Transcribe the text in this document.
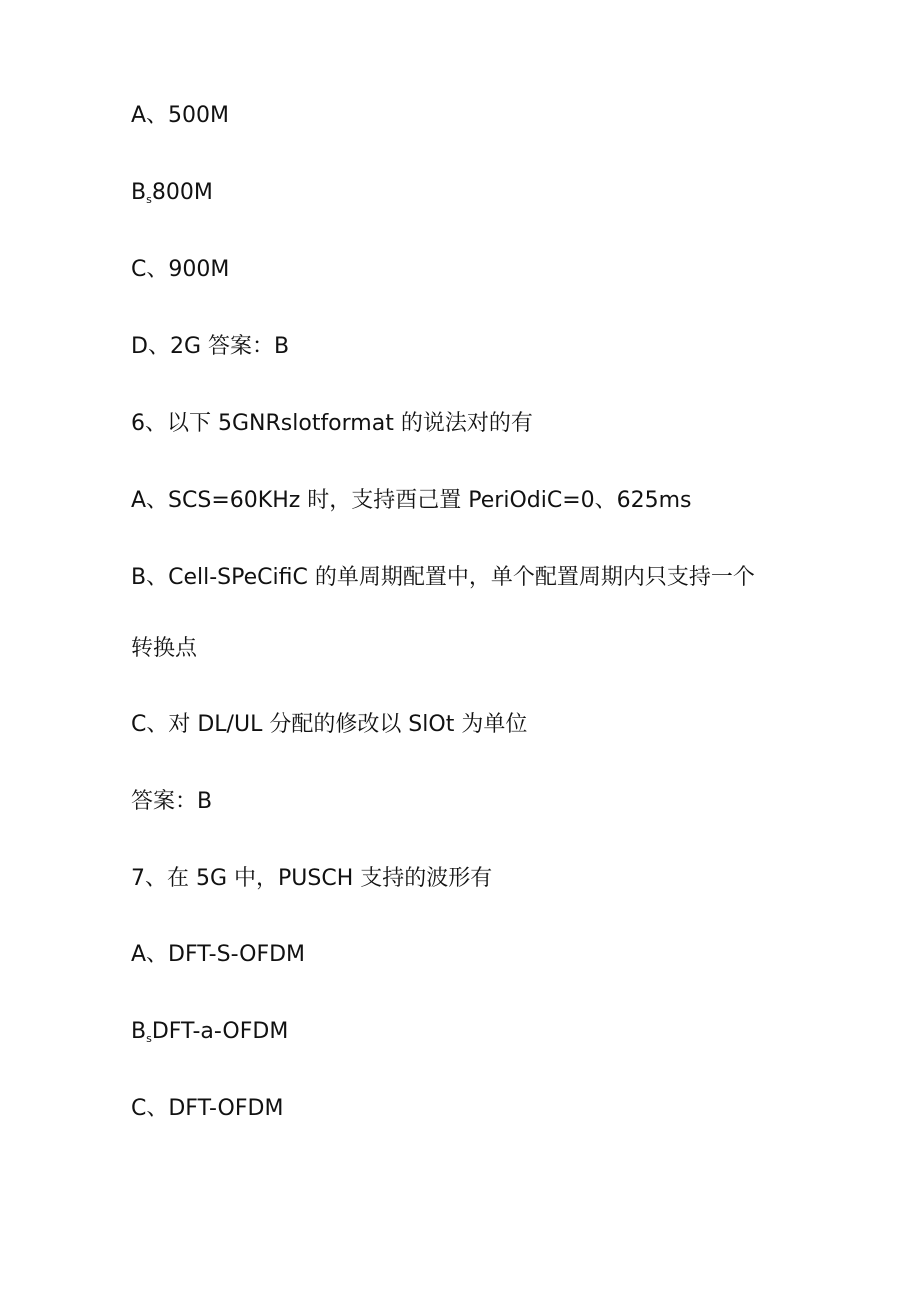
A、500M

$B_s800M$

C、900M

D、2G 答案：B

6、以下 5GNRslotformat 的说法对的有

A、SCS=60KHz 时，支持酉己置 PeriOdiC=0、625ms

B、Cell-SPeCifiC 的单周期配置中，单个配置周期内只支持一个

转换点

C、对 DL/UL 分配的修改以 SlOt 为单位

答案：B

7、在 5G 中，PUSCH 支持的波形有

A、DFT-S-OFDM

$B_sDFT-a$-OFDM

C、DFT-OFDM
